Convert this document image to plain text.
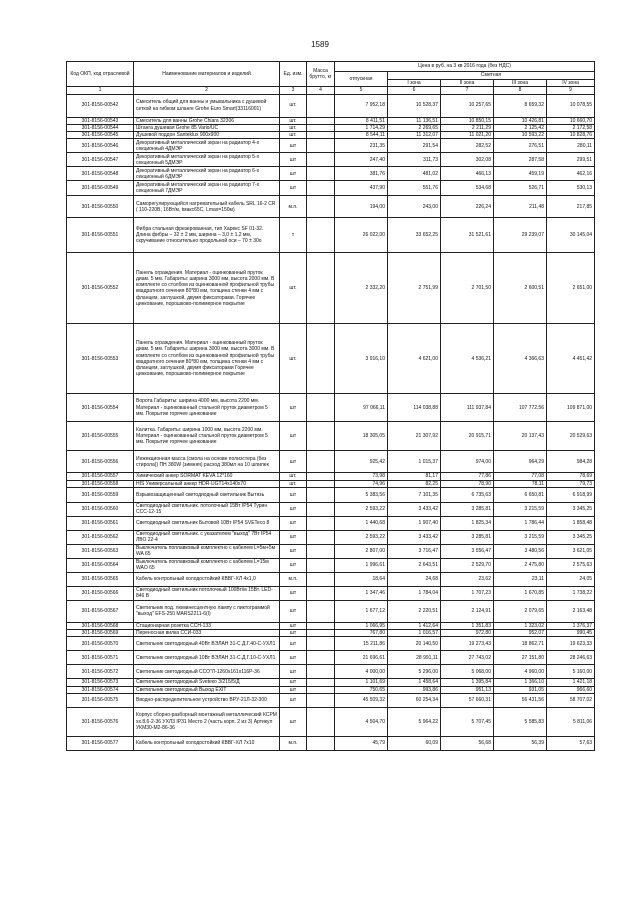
1589
Код ОКП, код отраслевой	Наименование материалов и изделий	Ед. изм.	Масса брутто, кг	Цена в руб. на 3 кв 2016 года (без НДС)				
				отпускная	Сметная			
					I зона	II зона	III зона	IV зона
1	2	3	4	5	6	7	8	9
301-8156-00542	Смеситель общий для ванны и умывальника с душевой сеткой на гибком шланге Grohe Euro Smart(33116001)	шт.		7 952,18	10 528,37	10 257,65	8 659,32	10 078,55
301-8156-00543	Смеситель для ванны Grohe Chiara 32306	шт.		8 411,51	11 136,51	10 850,15	10 426,81	10 660,70
301-8156-00544	Штанга душевая Grohe 85 Vario/UC	шт.		1 714,29	2 269,65	2 211,29	2 125,42	2 172,58
301-8156-00545	Душевой поддон Santeklux 900х900	шт.		8 544,11	11 312,07	11 021,20	10 593,22	10 828,76
301-8156-00546	Декоративный металлический экран на радиатор 4-х секционный 4ДМЭР	шт		231,35	291,54	282,52	276,51	280,11
301-8156-00547	Декоративный металлический экран на радиатор 5-х секционный 5ДМЭР	шт		247,40	311,73	302,08	287,58	299,51
301-8156-00548	Декоративный металлический экран на радиатор 6-х секционный 6ДМЭР	шт		381,76	481,02	466,13	459,19	462,16
301-8156-00549	Декоративный металлический экран на радиатор 7-х секционный 7ДМЭР	шт		437,90	551,76	534,68	526,71	530,13
301-8156-00550	Саморегулирующийся нагревательный кабель SRL 16-2 CR ( 110-220В, 16Вт/м, tмакс65С, Lmax=150м)	м.п.		194,00	243,00	226,24	211,48	217,85
301-8156-00551	Фибра стальная фрезерованная, тип Харекс SF 01-32. Длина фибры – 32 ± 2 мм, ширина – 3,0 ± 1,2 мм, скручивание относительно продольной оси – 70 ± 30о	т		26 022,00	33 652,25	31 521,61	29 239,07	30 145,04
301-8156-00552	Панель ограждения. Материал - оцинкованный пруток диам. 5 мм. Габариты: ширина 3000 мм, высота 2000 мм. В комплекте со столбом из оцинкованной профильной трубы квадратного сечения 80*80 мм, толщина стенки 4 мм с фланцем, заглушкой, двумя фиксаторами. Горячее цинкование, порошково-полимерное покрытие	шт.		2 332,20	2 751,99	2 701,50	2 600,51	2 651,00
301-8156-00553	Панель ограждения. Материал - оцинкованный пруток диам. 5 мм. Габариты: ширина 3000 мм, высота 3000 мм. В комплекте со столбом из оцинкованной профильной трубы квадратного сечения 80*80 мм, толщина стенки 4 мм с фланцем, заглушкой, двумя фиксаторами Горячее цинкование, порошково-полимерное покрытие	шт.		3 916,10	4 621,00	4 536,21	4 366,63	4 451,42
301-8156-00554	Ворота Габариты: ширина 4000 мм, высота 2200 мм. Материал - оцинкованный стальной пруток диаметром 5 мм. Покрытие горячее цинкование	шт		97 066,11	114 038,88	111 937,84	107 772,56	109 871,00
301-8156-00555	Калитка. Габариты: ширина 1000 мм, высота 2200 мм. Материал - оцинкованный стальной пруток диаметром 5 мм. Покрытие горячее цинкование	шт		18 305,05	21 307,92	20 915,71	20 137,43	20 529,63
301-8156-00556	Инжекционная масса (смола на основе полиэстера (без стирола)) ПН 380W (зимняя) расход 380мл на 10 шпилек	шт		925,42	1 015,37	974,00	964,29	984,28
301-8156-00557	Химический анкер SORMAT KEVA 12*160	шт.		73,98	81,17	77,86	77,08	78,69
301-8156-00558	HIS Универсальный анкер HDR-UGT14х140х70	шт.		74,96	82,25	78,90	78,11	79,73
301-8156-00559	Взрывозащищенный светодиодный светильник Вытязь	шт		5 383,56	7 101,35	6 735,63	6 650,81	6 918,99
301-8156-00560	Светодиодный светильник. потолочный 15Вт IP54 Турин ССС-12-15	шт		2 593,22	3 433,42	3 285,81	3 215,59	3 345,25
301-8156-00561	Светодиодный светильник Бытовой 10Вт IP54 SVETeco 8	шт		1 440,68	1 907,40	1 825,34	1 786,44	1 858,48
301-8156-00562	Светодиодный светильник. с указателем "выход" 7Вт IP54 ЛВО 22-4	шт		2 593,22	3 433,42	3 285,81	3 215,59	3 345,25
301-8156-00563	Выключатель поплавковый комплектно с кабелем L=5м+5м WA 65	шт		2 807,00	3 716,47	3 556,47	3 480,56	3 621,05
301-8156-00564	Выключатель поплавковый комплектно с кабелем L=15м WAO 65	шт		1 996,61	2 643,51	2 529,70	2 475,80	2 575,63
301-8156-00565	Кабель контрольный холодостойкий КВВГ-ХЛ 4х1,0	м.п.		18,64	24,68	23,62	23,11	24,05
301-8156-00566	Светодиодный светильник потолочный 100Вт/м 15Вт. LED-846 В	шт		1 347,46	1 784,04	1 707,23	1 670,85	1 738,22
301-8156-00567	Светильник под. люминесцентную лампу с пиктограммой "выход" EFS-250 MARS2211-6(I)	шт		1 677,12	2 220,51	2 124,91	2 079,65	2 163,48
301-8156-00568	Стационарная розетка ССН-133	шт		1 066,95	1 412,64	1 351,83	1 323,02	1 376,37
301-8156-00569	Переносная вилка ССИ-033	шт		767,80	1 016,57	972,80	952,07	990,45
301-8156-00570	Светильник светодиодный 40Вт ВЭЛАН 31-С Д.Г.40-С-УХЛ1	шт		15 211,86	20 140,50	19 273,43	18 862,71	19 623,33
301-8156-00571	Светильник светодиодный 10Вт ВЭЛАН 31-С.Д.Г.10-С-УХЛ1	шт		21 696,61	28 991,11	27 743,02	27 151,80	28 246,63
301-8156-00572	Светильник светодиодный ССО"Л-1260х161х116Р-36	шт		4 000,00	5 296,00	5 068,00	4 960,00	5 160,00
301-8156-00573	Светильник светодиодный Svetеко 3/215/5/Д	шт		1 101,69	1 458,64	1 395,84	1 366,10	1 421,18
301-8156-00574	Светильник светодиодный Выход EXIT	шт		750,65	993,86	951,13	931,05	966,60
301-8156-00575	Вводно-распределительное устройство ВРУ-21Л-32-300	шт		45 509,32	60 254,34	57 660,31	56 431,56	58 707,02
301-8156-00576	Корпус сборно-разборный монтажный металлический КСРМ хх.8.6-2-36 УХЛ3 IP31 Место 2 (часть корп. 2 из 3) Артикул УКМ30-М2-86-36	шт		4 504,70	5 964,22	5 707,45	5 585,83	5 811,06
301-8156-00577	Кабель контрольный холодостойкий КВВГ-ХЛ 7х10	м.п.		45,79	60,09	56,68	56,39	57,63
